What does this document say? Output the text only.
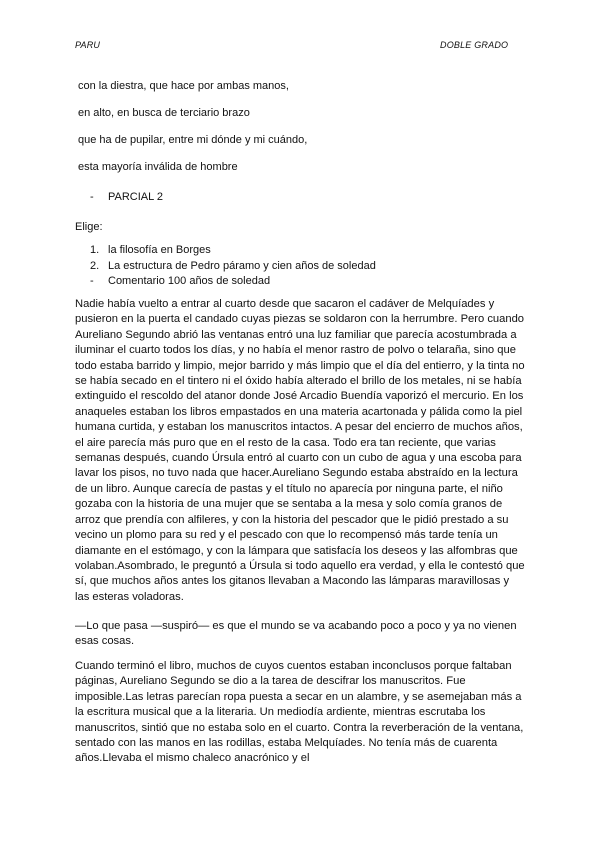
PARU	DOBLE GRADO
con la diestra, que hace por ambas manos,
en alto, en busca de terciario brazo
que ha de pupilar, entre mi dónde y mi cuándo,
esta mayoría inválida de hombre
- PARCIAL 2
Elige:
1. la filosofía en Borges
2. La estructura de Pedro páramo y cien años de soledad
- Comentario 100 años de soledad

Nadie había vuelto a entrar al cuarto desde que sacaron el cadáver de Melquíades y pusieron en la puerta el candado cuyas piezas se soldaron con la herrumbre. Pero cuando Aureliano Segundo abrió las ventanas entró una luz familiar que parecía acostumbrada a iluminar el cuarto todos los días, y no había el menor rastro de polvo o telaraña, sino que todo estaba barrido y limpio, mejor barrido y más limpio que el día del entierro, y la tinta no se había secado en el tintero ni el óxido había alterado el brillo de los metales, ni se había extinguido el rescoldo del atanor donde José Arcadio Buendía vaporizó el mercurio. En los anaqueles estaban los libros empastados en una materia acartonada y pálida como la piel humana curtida, y estaban los manuscritos intactos. A pesar del encierro de muchos años, el aire parecía más puro que en el resto de la casa. Todo era tan reciente, que varias semanas después, cuando Úrsula entró al cuarto con un cubo de agua y una escoba para lavar los pisos, no tuvo nada que hacer.Aureliano Segundo estaba abstraído en la lectura de un libro. Aunque carecía de pastas y el título no aparecía por ninguna parte, el niño gozaba con la historia de una mujer que se sentaba a la mesa y solo comía granos de arroz que prendía con alfileres, y con la historia del pescador que le pidió prestado a su vecino un plomo para su red y el pescado con que lo recompensó más tarde tenía un diamante en el estómago, y con la lámpara que satisfacía los deseos y las alfombras que volaban.Asombrado, le preguntó a Úrsula si todo aquello era verdad, y ella le contestó que sí, que muchos años antes los gitanos llevaban a Macondo las lámparas maravillosas y las esteras voladoras.

—Lo que pasa —suspiró— es que el mundo se va acabando poco a poco y ya no vienen esas cosas.

Cuando terminó el libro, muchos de cuyos cuentos estaban inconclusos porque faltaban páginas, Aureliano Segundo se dio a la tarea de descifrar los manuscritos. Fue imposible.Las letras parecían ropa puesta a secar en un alambre, y se asemejaban más a la escritura musical que a la literaria. Un mediodía ardiente, mientras escrutaba los manuscritos, sintió que no estaba solo en el cuarto. Contra la reverberación de la ventana, sentado con las manos en las rodillas, estaba Melquíades. No tenía más de cuarenta años.Llevaba el mismo chaleco anacrónico y el
